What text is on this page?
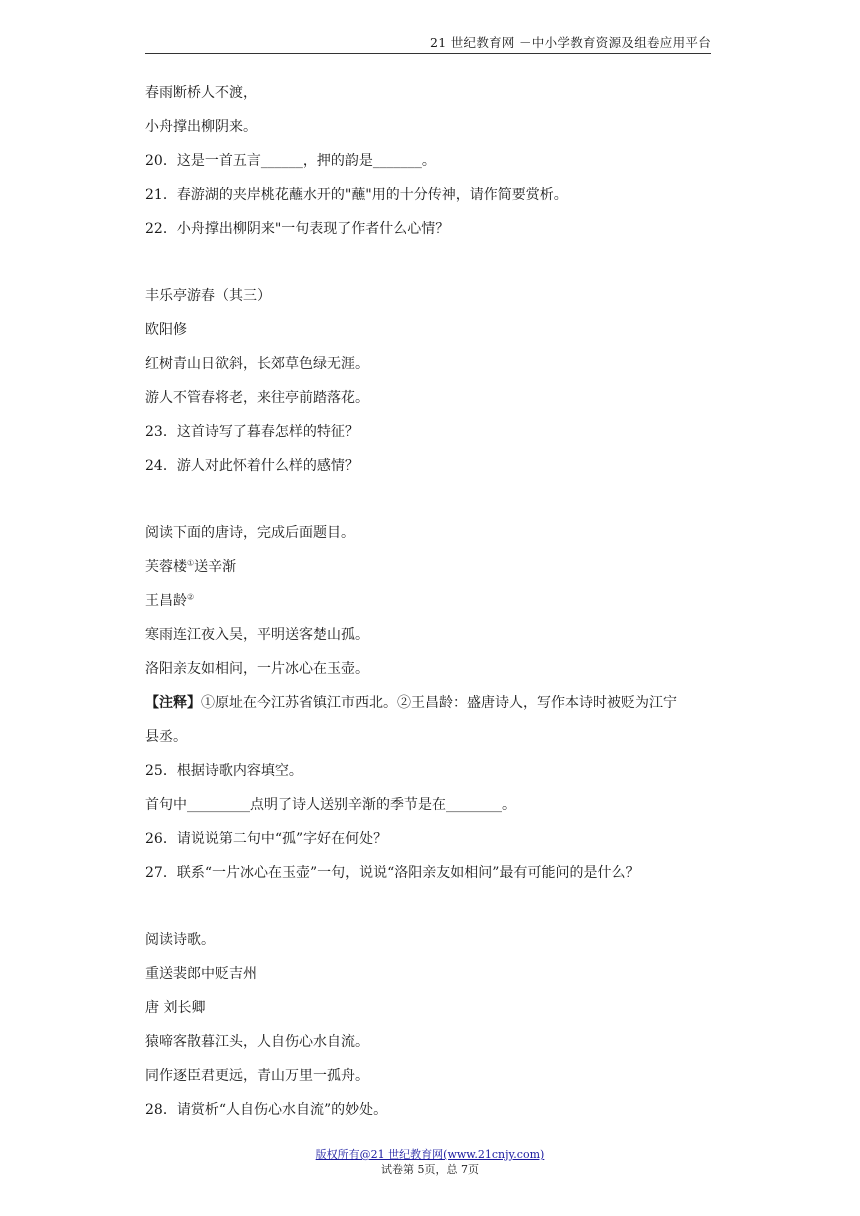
21 世纪教育网 －中小学教育资源及组卷应用平台
春雨断桥人不渡，
小舟撑出柳阴来。
20．这是一首五言______，押的韵是_______。
21．春游湖的夹岸桃花蘸水开的"蘸"用的十分传神，请作简要赏析。
22．小舟撑出柳阴来"一句表现了作者什么心情？
丰乐亭游春（其三）
欧阳修
红树青山日欲斜，长郊草色绿无涯。
游人不管春将老，来往亭前踏落花。
23．这首诗写了暮春怎样的特征？
24．游人对此怀着什么样的感情？
阅读下面的唐诗，完成后面题目。
芙蓉楼①送辛渐
王昌龄②
寒雨连江夜入吴，平明送客楚山孤。
洛阳亲友如相问，一片冰心在玉壶。
【注释】①原址在今江苏省镇江市西北。②王昌龄：盛唐诗人，写作本诗时被贬为江宁
县丞。
25．根据诗歌内容填空。
首句中_________点明了诗人送别辛渐的季节是在________。
26．请说说第二句中“孤”字好在何处？
27．联系“一片冰心在玉壶”一句，说说“洛阳亲友如相问”最有可能问的是什么？
阅读诗歌。
重送裴郎中贬吉州
唐 刘长卿
猿啼客散暮江头，人自伤心水自流。
同作逐臣君更远，青山万里一孤舟。
28．请赏析“人自伤心水自流”的妙处。
版权所有@21 世纪教育网(www.21cnjy.com)
试卷第 5页，总 7页
